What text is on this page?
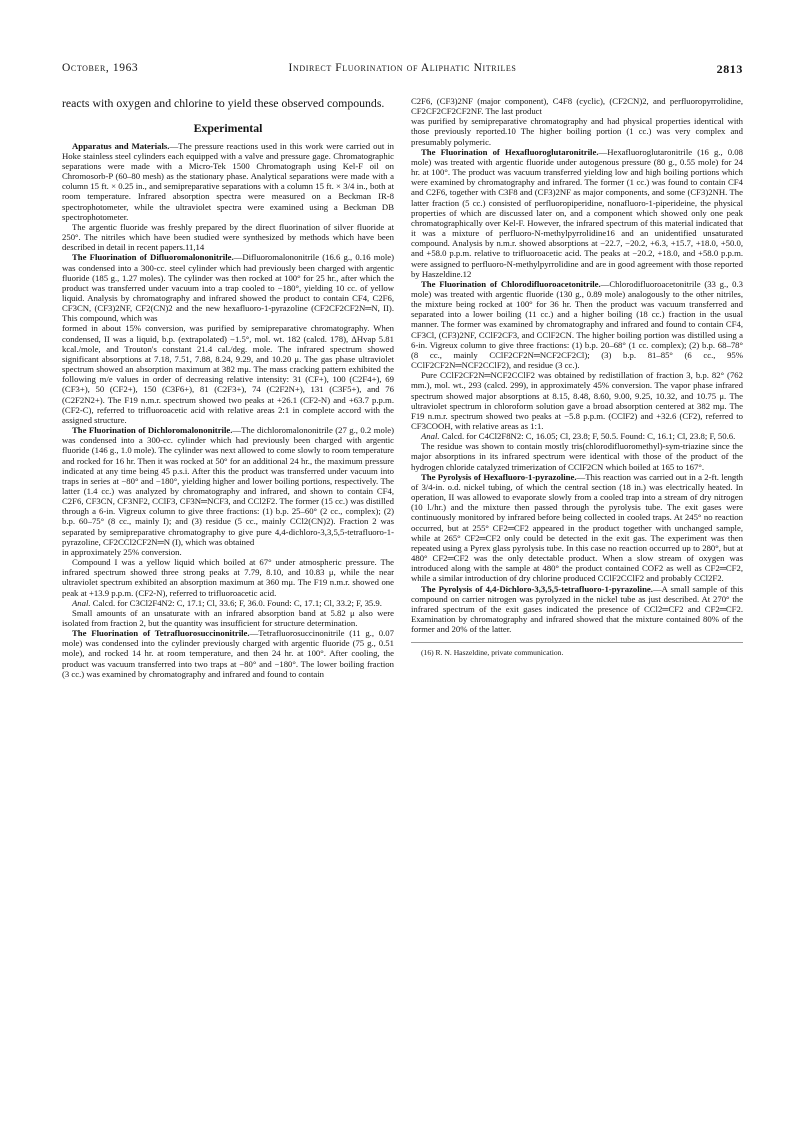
October, 1963	Indirect Fluorination of Aliphatic Nitriles	2813
reacts with oxygen and chlorine to yield these observed compounds.
Experimental

Apparatus and Materials.—The pressure reactions used in this work were carried out in Hoke stainless steel cylinders each equipped with a valve and pressure gage. Chromatographic separations were made with a Micro-Tek 1500 Chromatograph using Kel-F oil on Chromosorb-P (60–80 mesh) as the stationary phase. Analytical separations were made with a column 15 ft. × 0.25 in., and semipreparative separations with a column 15 ft. × 3/4 in., both at room temperature. Infrared absorption spectra were measured on a Beckman IR-8 spectrophotometer, while the ultraviolet spectra were examined using a Beckman DB spectrophotometer.

The argentic fluoride was freshly prepared by the direct fluorination of silver fluoride at 250°. The nitriles which have been studied were synthesized by methods which have been described in detail in recent papers.11,14

The Fluorination of Difluoromalononitrile.—Difluoromalononitrile (16.6 g., 0.16 mole) was condensed into a 300-cc. steel cylinder which had previously been charged with argentic fluoride (185 g., 1.27 moles). The cylinder was then rocked at 100° for 25 hr., after which the product was transferred under vacuum into a trap cooled to −180°, yielding 10 cc. of yellow liquid. Analysis by chromatography and infrared showed the product to contain CF4, C2F6, CF3CN, (CF3)2NF, CF2(CN)2 and the new hexafluoro-1-pyrazoline (CF2CF2CF2N═N, II). This compound, which was

formed in about 15% conversion, was purified by semipreparative chromatography. When condensed, II was a liquid, b.p. (extrapolated) −1.5°, mol. wt. 182 (calcd. 178), ΔHvap 5.81 kcal./mole, and Trouton's constant 21.4 cal./deg. mole. The infrared spectrum showed significant absorptions at 7.18, 7.51, 7.88, 8.24, 9.29, and 10.20 μ. The gas phase ultraviolet spectrum showed an absorption maximum at 382 mμ. The mass cracking pattern exhibited the following m/e values in order of decreasing relative intensity: 31 (CF+), 100 (C2F4+), 69 (CF3+), 50 (CF2+), 150 (C3F6+), 81 (C2F3+), 74 (C2F2N+), 131 (C3F5+), and 76 (C2F2N2+). The F19 n.m.r. spectrum showed two peaks at +26.1 (CF2-N) and +63.7 p.p.m. (CF2-C), referred to trifluoroacetic acid with relative areas 2:1 in complete accord with the assigned structure.

The Fluorination of Dichloromalononitrile.—The dichloromalononitrile (27 g., 0.2 mole) was condensed into a 300-cc. cylinder which had previously been charged with argentic fluoride (146 g., 1.0 mole). The cylinder was next allowed to come slowly to room temperature and rocked for 16 hr. Then it was rocked at 50° for an additional 24 hr., the maximum pressure indicated at any time being 45 p.s.i. After this the product was transferred under vacuum into traps in series at −80° and −180°, yielding higher and lower boiling portions, respectively. The latter (1.4 cc.) was analyzed by chromatography and infrared, and shown to contain CF4, C2F6, CF3CN, CF3NF2, CClF3, CF3N═NCF3, and CCl2F2. The former (15 cc.) was distilled through a 6-in. Vigreux column to give three fractions: (1) b.p. 25–60° (2 cc., complex); (2) b.p. 60–75° (8 cc., mainly I); and (3) residue (5 cc., mainly CCl2(CN)2). Fraction 2 was separated by semipreparative chromatography to give pure 4,4-dichloro-3,3,5,5-tetrafluoro-1-pyrazoline, CF2CCl2CF2N═N (I), which was obtained

in approximately 25% conversion.

Compound I was a yellow liquid which boiled at 67° under atmospheric pressure. The infrared spectrum showed three strong peaks at 7.79, 8.10, and 10.83 μ, while the near ultraviolet spectrum exhibited an absorption maximum at 360 mμ. The F19 n.m.r. showed one peak at +13.9 p.p.m. (CF2-N), referred to trifluoroacetic acid.

Anal. Calcd. for C3Cl2F4N2: C, 17.1; Cl, 33.6; F, 36.0. Found: C, 17.1; Cl, 33.2; F, 35.9.

Small amounts of an unsaturate with an infrared absorption band at 5.82 μ also were isolated from fraction 2, but the quantity was insufficient for structure determination.

The Fluorination of Tetrafluorosuccinonitrile.—Tetrafluorosuccinonitrile (11 g., 0.07 mole) was condensed into the cylinder previously charged with argentic fluoride (75 g., 0.51 mole), and rocked 14 hr. at room temperature, and then 24 hr. at 100°. After cooling, the product was vacuum transferred into two traps at −80° and −180°. The lower boiling fraction (3 cc.) was examined by chromatography and infrared and found to contain

C2F6, (CF3)2NF (major component), C4F8 (cyclic), (CF2CN)2, and perfluoropyrrolidine, CF2CF2CF2CF2NF. The last product

was purified by semipreparative chromatography and had physical properties identical with those previously reported.10 The higher boiling portion (1 cc.) was very complex and presumably polymeric.

The Fluorination of Hexafluoroglutaronitrile.—Hexafluoroglutaronitrile (16 g., 0.08 mole) was treated with argentic fluoride under autogenous pressure (80 g., 0.55 mole) for 24 hr. at 100°. The product was vacuum transferred yielding low and high boiling portions which were examined by chromatography and infrared. The former (1 cc.) was found to contain CF4 and C2F6, together with C3F8 and (CF3)2NF as major components, and some (CF3)2NH. The latter fraction (5 cc.) consisted of perfluoropiperidine, nonafluoro-1-piperideine, the physical properties of which are discussed later on, and a component which showed only one peak chromatographically over Kel-F. However, the infrared spectrum of this material indicated that it was a mixture of perfluoro-N-methylpyrrolidine16 and an unidentified unsaturated compound. Analysis by n.m.r. showed absorptions at −22.7, −20.2, +6.3, +15.7, +18.0, +50.0, and +58.0 p.p.m. relative to trifluoroacetic acid. The peaks at −20.2, +18.0, and +58.0 p.p.m. were assigned to perfluoro-N-methylpyrrolidine and are in good agreement with those reported by Haszeldine.12

The Fluorination of Chlorodifluoroacetonitrile.—Chlorodifluoroacetonitrile (33 g., 0.3 mole) was treated with argentic fluoride (130 g., 0.89 mole) analogously to the other nitriles, the mixture being rocked at 100° for 36 hr. Then the product was vacuum transferred and separated into a lower boiling (11 cc.) and a higher boiling (18 cc.) fraction in the usual manner. The former was examined by chromatography and infrared and found to contain CF4, CF3Cl, (CF3)2NF, CClF2CF3, and CClF2CN. The higher boiling portion was distilled using a 6-in. Vigreux column to give three fractions: (1) b.p. 20–68° (1 cc. complex); (2) b.p. 68–78° (8 cc., mainly CClF2CF2N═NCF2CF2Cl); (3) b.p. 81–85° (6 cc., 95% CClF2CF2N═NCF2CClF2), and residue (3 cc.).

Pure CClF2CF2N═NCF2CClF2 was obtained by redistillation of fraction 3, b.p. 82° (762 mm.), mol. wt., 293 (calcd. 299), in approximately 45% conversion. The vapor phase infrared spectrum showed major absorptions at 8.15, 8.48, 8.60, 9.00, 9.25, 10.32, and 10.75 μ. The ultraviolet spectrum in chloroform solution gave a broad absorption centered at 382 mμ. The F19 n.m.r. spectrum showed two peaks at −5.8 p.p.m. (CClF2) and +32.6 (CF2), referred to CF3COOH, with relative areas as 1:1.

Anal. Calcd. for C4Cl2F8N2: C, 16.05; Cl, 23.8; F, 50.5. Found: C, 16.1; Cl, 23.8; F, 50.6.

The residue was shown to contain mostly tris(chlorodifluoromethyl)-sym-triazine since the major absorptions in its infrared spectrum were identical with those of the product of the hydrogen chloride catalyzed trimerization of CClF2CN which boiled at 165 to 167°.

The Pyrolysis of Hexafluoro-1-pyrazoline.—This reaction was carried out in a 2-ft. length of 3/4-in. o.d. nickel tubing, of which the central section (18 in.) was electrically heated. In operation, II was allowed to evaporate slowly from a cooled trap into a stream of dry nitrogen (10 l./hr.) and the mixture then passed through the pyrolysis tube. The exit gases were continuously monitored by infrared before being collected in cooled traps. At 245° no reaction occurred, but at 255° CF2═CF2 appeared in the product together with unchanged sample, while at 265° CF2═CF2 only could be detected in the exit gas. The experiment was then repeated using a Pyrex glass pyrolysis tube. In this case no reaction occurred up to 280°, but at 480° CF2═CF2 was the only detectable product. When a slow stream of oxygen was introduced along with the sample at 480° the product contained COF2 as well as CF2═CF2, while a similar introduction of dry chlorine produced CClF2CClF2 and probably CCl2F2.

The Pyrolysis of 4,4-Dichloro-3,3,5,5-tetrafluoro-1-pyrazoline.—A small sample of this compound on carrier nitrogen was pyrolyzed in the nickel tube as just described. At 270° the infrared spectrum of the exit gases indicated the presence of CCl2═CF2 and CF2═CF2. Examination by chromatography and infrared showed that the mixture contained 80% of the former and 20% of the latter.

(16) R. N. Haszeldine, private communication.
